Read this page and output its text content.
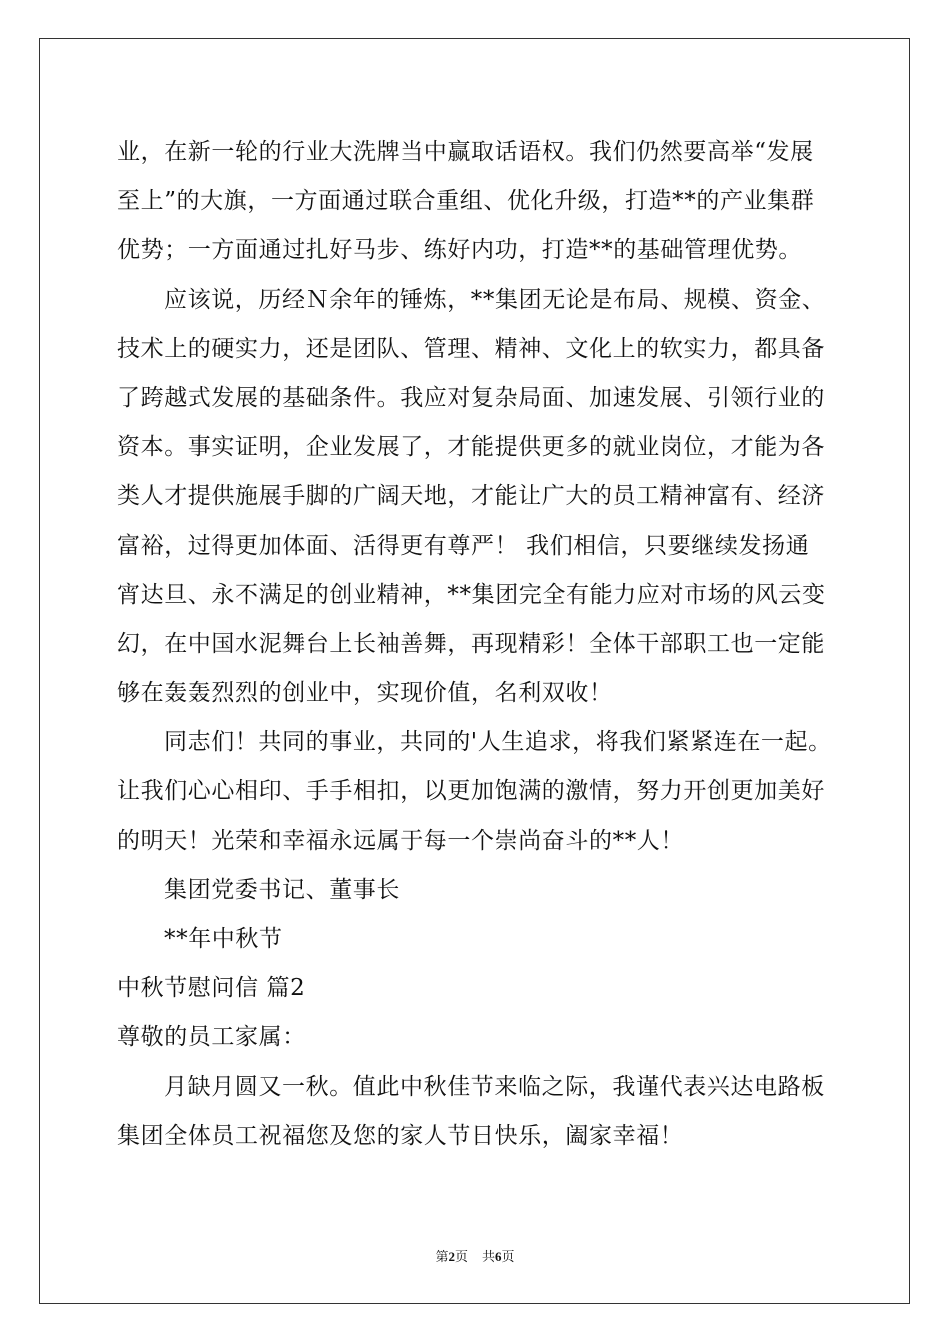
业，在新一轮的行业大洗牌当中赢取话语权。我们仍然要高举“发展
至上”的大旗，一方面通过联合重组、优化升级，打造**的产业集群
优势；一方面通过扎好马步、练好内功，打造**的基础管理优势。
应该说，历经Ｎ余年的锤炼，**集团无论是布局、规模、资金、
技术上的硬实力，还是团队、管理、精神、文化上的软实力，都具备
了跨越式发展的基础条件。我应对复杂局面、加速发展、引领行业的
资本。事实证明，企业发展了，才能提供更多的就业岗位，才能为各
类人才提供施展手脚的广阔天地，才能让广大的员工精神富有、经济
富裕，过得更加体面、活得更有尊严！ 我们相信，只要继续发扬通
宵达旦、永不满足的创业精神，**集团完全有能力应对市场的风云变
幻，在中国水泥舞台上长袖善舞，再现精彩！全体干部职工也一定能
够在轰轰烈烈的创业中，实现价值，名利双收！
同志们！共同的事业，共同的'人生追求，将我们紧紧连在一起。
让我们心心相印、手手相扣，以更加饱满的激情，努力开创更加美好
的明天！光荣和幸福永远属于每一个崇尚奋斗的**人！
集团党委书记、董事长
**年中秋节
中秋节慰问信 篇2
尊敬的员工家属：
月缺月圆又一秋。值此中秋佳节来临之际，我谨代表兴达电路板
集团全体员工祝福您及您的家人节日快乐，阖家幸福！
第2页 共6页
